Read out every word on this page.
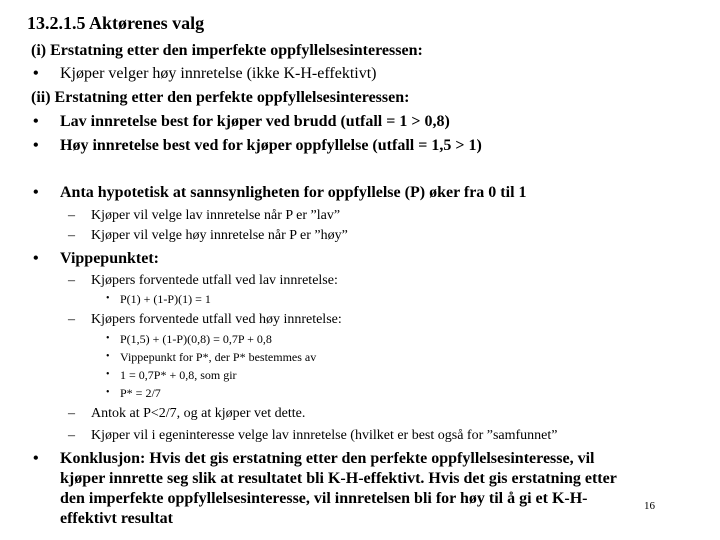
13.2.1.5 Aktørenes valg
(i) Erstatning etter den imperfekte oppfyllelsesinteressen:
• Kjøper velger høy innretelse (ikke K-H-effektivt)
(ii) Erstatning etter den perfekte oppfyllelsesinteressen:
• Lav innretelse best for kjøper ved brudd (utfall = 1 > 0,8)
• Høy innretelse best ved for kjøper oppfyllelse (utfall = 1,5 > 1)
• Anta hypotetisk at sannsynligheten for oppfyllelse (P) øker fra 0 til 1
– Kjøper vil velge lav innretelse når P er ”lav”
– Kjøper vil velge høy innretelse når P er ”høy”
• Vippepunktet:
– Kjøpers forventede utfall ved lav innretelse:
• P(1) + (1-P)(1) = 1
– Kjøpers forventede utfall ved høy innretelse:
• P(1,5) + (1-P)(0,8) = 0,7P + 0,8
• Vippepunkt for P*, der P* bestemmes av
• 1 = 0,7P* + 0,8, som gir
• P* = 2/7
– Antok at P<2/7, og at kjøper vet dette.
– Kjøper vil i egeninteresse velge lav innretelse (hvilket er best også for ”samfunnet”
• Konklusjon: Hvis det gis erstatning etter den perfekte oppfyllelsesinteresse, vil
kjøper innrette seg slik at resultatet bli K-H-effektivt. Hvis det gis erstatning etter
den imperfekte oppfyllelsesinteresse, vil innretelsen bli for høy til å gi et K-H-
effektivt resultat
16
